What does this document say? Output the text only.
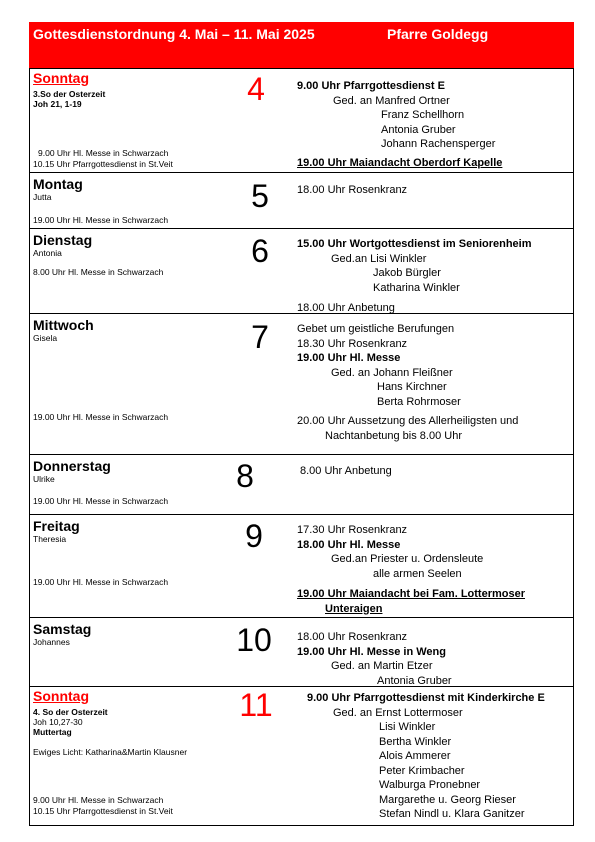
Gottesdienstordnung 4. Mai – 11. Mai 2025	Pfarre Goldegg
Sonntag
3.So der Osterzeit
Joh 21, 1-19
9.00 Uhr Hl. Messe in Schwarzach
10.15 Uhr Pfarrgottesdienst in St.Veit
4	9.00 Uhr Pfarrgottesdienst E
Ged. an Manfred Ortner
Franz Schellhorn
Antonia Gruber
Johann Rachensperger
19.00 Uhr Maiandacht Oberdorf Kapelle
Montag
Jutta
19.00 Uhr Hl. Messe in Schwarzach
5	18.00 Uhr Rosenkranz
Dienstag
Antonia
8.00 Uhr Hl. Messe in Schwarzach
6	15.00 Uhr Wortgottesdienst im Seniorenheim
Ged.an Lisi Winkler
Jakob Bürgler
Katharina Winkler
18.00 Uhr Anbetung
Mittwoch
Gisela
19.00 Uhr Hl. Messe in Schwarzach
7	Gebet um geistliche Berufungen
18.30 Uhr Rosenkranz
19.00 Uhr Hl. Messe
Ged. an Johann Fleißner
Hans Kirchner
Berta Rohrmoser
20.00 Uhr Aussetzung des Allerheiligsten und
Nachtanbetung bis 8.00 Uhr
Donnerstag
Ulrike
19.00 Uhr Hl. Messe in Schwarzach
8	8.00 Uhr Anbetung
Freitag
Theresia
19.00 Uhr Hl. Messe in Schwarzach
9	17.30 Uhr Rosenkranz
18.00 Uhr Hl. Messe
Ged.an Priester u. Ordensleute
alle armen Seelen
19.00 Uhr Maiandacht bei Fam. Lottermoser
Unteraigen
Samstag
Johannes	10	18.00 Uhr Rosenkranz
19.00 Uhr Hl. Messe in Weng
Ged. an Martin Etzer
Antonia Gruber
Sonntag
4. So der Osterzeit
Joh 10,27-30
Muttertag
Ewiges Licht: Katharina&Martin Klausner
9.00 Uhr Hl. Messe in Schwarzach
10.15 Uhr Pfarrgottesdienst in St.Veit
11	9.00 Uhr Pfarrgottesdienst mit Kinderkirche E
Ged. an Ernst Lottermoser
Lisi Winkler
Bertha Winkler
Alois Ammerer
Peter Krimbacher
Walburga Pronebner
Margarethe u. Georg Rieser
Stefan Nindl u. Klara Ganitzer
